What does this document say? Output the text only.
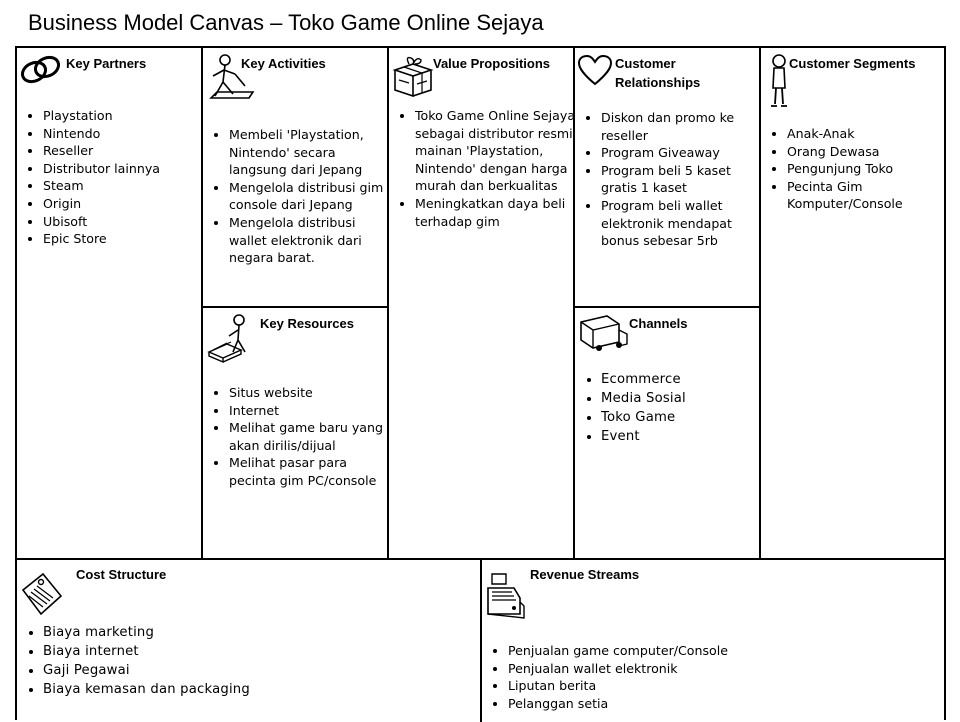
Business Model Canvas – Toko Game Online Sejaya
Key Partners
• Playstation
• Nintendo
• Reseller
• Distributor lainnya
• Steam
• Origin
• Ubisoft
• Epic Store
Key Activities
• Membeli 'Playstation, Nintendo' secara langsung dari Jepang
• Mengelola distribusi gim console dari Jepang
• Mengelola distribusi wallet elektronik dari negara barat.
Value Propositions
• Toko Game Online Sejaya sebagai distributor resmi mainan 'Playstation, Nintendo' dengan harga murah dan berkualitas
• Meningkatkan daya beli terhadap gim
Customer
Relationships
• Diskon dan promo ke reseller
• Program Giveaway
• Program beli 5 kaset gratis 1 kaset
• Program beli wallet elektronik mendapat bonus sebesar 5rb
Customer Segments
• Anak-Anak
• Orang Dewasa
• Pengunjung Toko
• Pecinta Gim Komputer/Console
Key Resources
• Situs website
• Internet
• Melihat game baru yang akan dirilis/dijual
• Melihat pasar para pecinta gim PC/console
Channels
• Ecommerce
• Media Sosial
• Toko Game
• Event
Cost Structure
• Biaya marketing
• Biaya internet
• Gaji Pegawai
• Biaya kemasan dan packaging
Revenue Streams
• Penjualan game computer/Console
• Penjualan wallet elektronik
• Liputan berita
• Pelanggan setia
